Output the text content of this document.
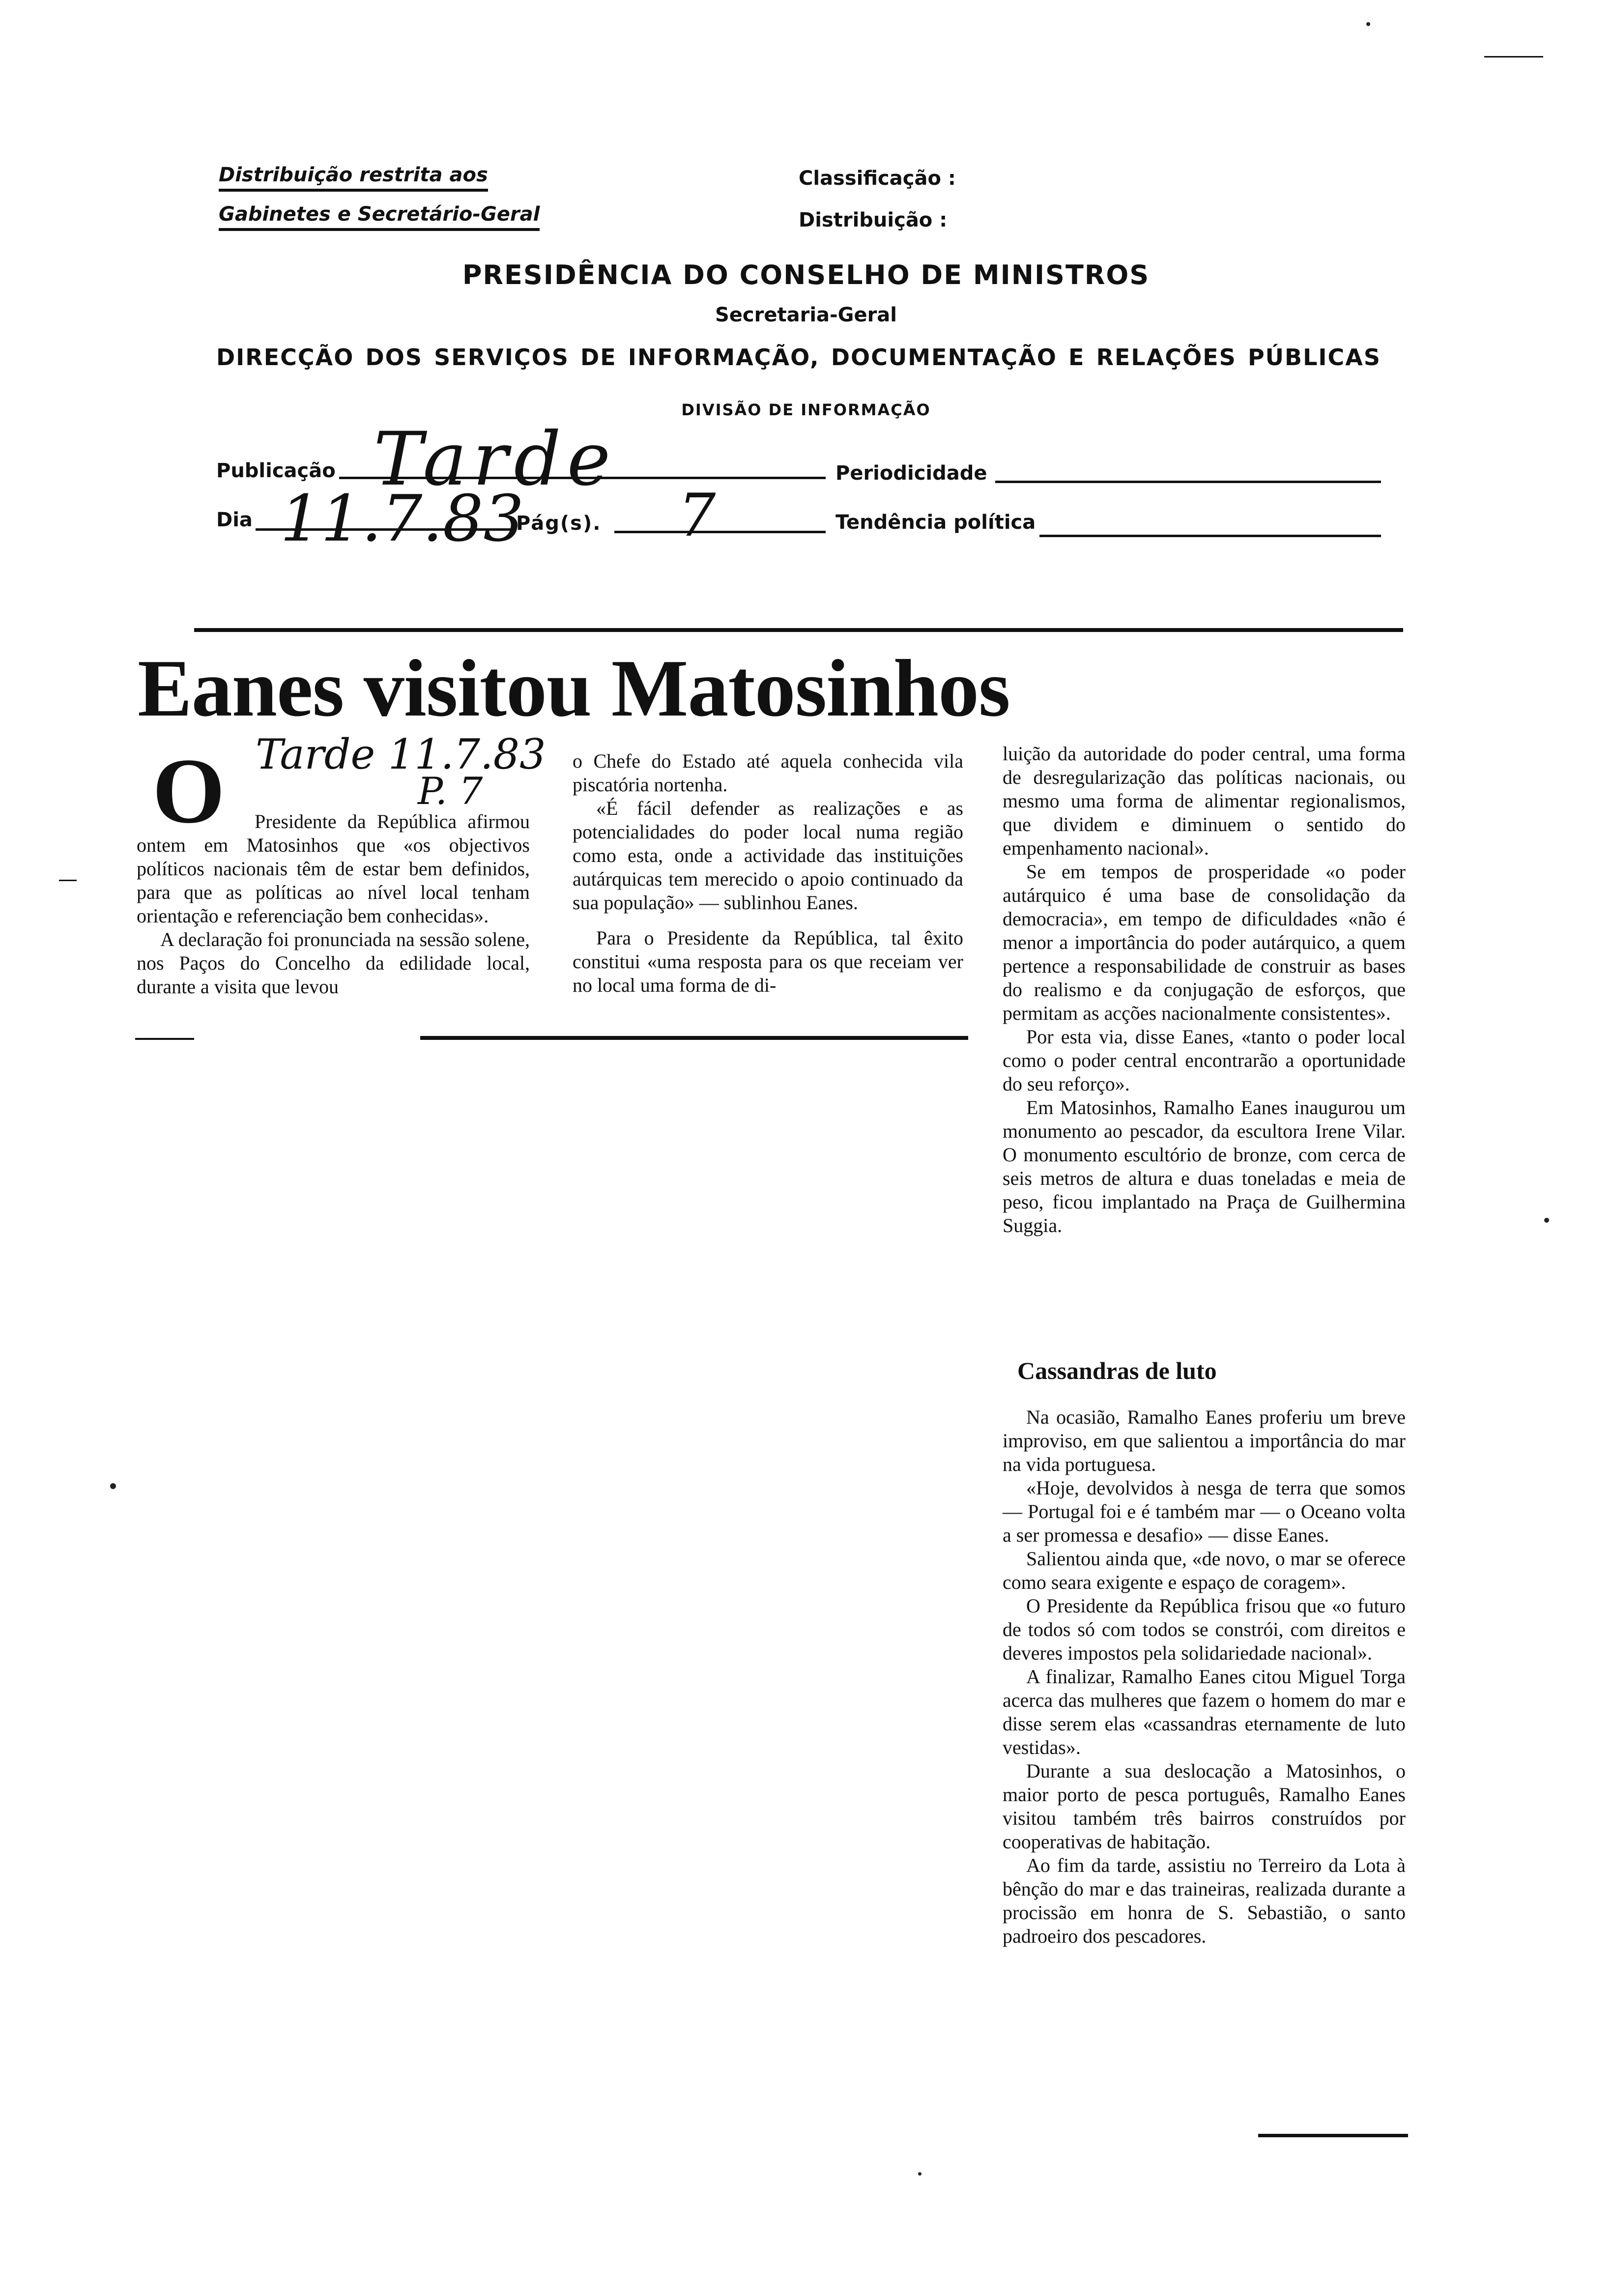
Distribuição restrita aos
Gabinetes e Secretário-Geral
Classificação :
Distribuição :
PRESIDÊNCIA DO CONSELHO DE MINISTROS
Secretaria-Geral
DIRECÇÃO DOS SERVIÇOS DE INFORMAÇÃO, DOCUMENTAÇÃO E RELAÇÕES PÚBLICAS
DIVISÃO DE INFORMAÇÃO
Publicação Tarde	Periodicidade
Dia 11.7.83
Pág(s). 7	Tendência política
Eanes visitou Matosinhos
O Tarde 11.7.83
P. 7

Presidente da República afirmou ontem em Matosinhos que «os objectivos políticos nacionais têm de estar bem definidos, para que as políticas ao nível local tenham orientação e referenciação bem conhecidas».

A declaração foi pronunciada na sessão solene, nos Paços do Concelho da edilidade local, durante a visita que levou

o Chefe do Estado até aquela conhecida vila piscatória nortenha.

«É fácil defender as realizações e as potencialidades do poder local numa região como esta, onde a actividade das instituições autárquicas tem merecido o apoio continuado da sua população» — sublinhou Eanes.

Para o Presidente da República, tal êxito constitui «uma resposta para os que receiam ver no local uma forma de di-

luição da autoridade do poder central, uma forma de desregularização das políticas nacionais, ou mesmo uma forma de alimentar regionalismos, que dividem e diminuem o sentido do empenhamento nacional».

Se em tempos de prosperidade «o poder autárquico é uma base de consolidação da democracia», em tempo de dificuldades «não é menor a importância do poder autárquico, a quem pertence a responsabilidade de construir as bases do realismo e da conjugação de esforços, que permitam as acções nacionalmente consistentes».

Por esta via, disse Eanes, «tanto o poder local como o poder central encontrarão a oportunidade do seu reforço».

Em Matosinhos, Ramalho Eanes inaugurou um monumento ao pescador, da escultora Irene Vilar. O monumento escultório de bronze, com cerca de seis metros de altura e duas toneladas e meia de peso, ficou implantado na Praça de Guilhermina Suggia.

Cassandras de luto

Na ocasião, Ramalho Eanes proferiu um breve improviso, em que salientou a importância do mar na vida portuguesa.

«Hoje, devolvidos à nesga de terra que somos — Portugal foi e é também mar — o Oceano volta a ser promessa e desafio» — disse Eanes.

Salientou ainda que, «de novo, o mar se oferece como seara exigente e espaço de coragem».

O Presidente da República frisou que «o futuro de todos só com todos se constrói, com direitos e deveres impostos pela solidariedade nacional».

A finalizar, Ramalho Eanes citou Miguel Torga acerca das mulheres que fazem o homem do mar e disse serem elas «cassandras eternamente de luto vestidas».

Durante a sua deslocação a Matosinhos, o maior porto de pesca português, Ramalho Eanes visitou também três bairros construídos por cooperativas de habitação.

Ao fim da tarde, assistiu no Terreiro da Lota à bênção do mar e das traineiras, realizada durante a procissão em honra de S. Sebastião, o santo padroeiro dos pescadores.
